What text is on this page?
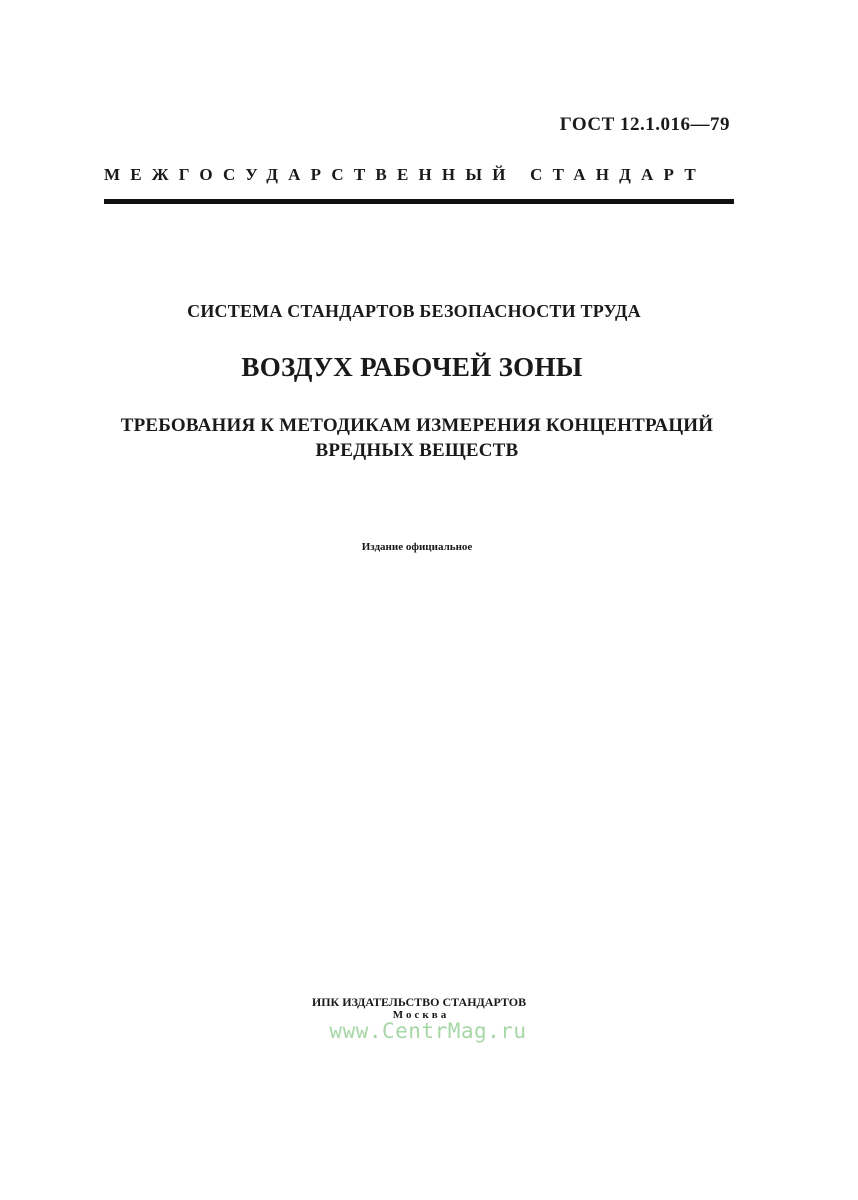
ГОСТ 12.1.016—79
МЕЖГОСУДАРСТВЕННЫЙ СТАНДАРТ
СИСТЕМА СТАНДАРТОВ БЕЗОПАСНОСТИ ТРУДА
ВОЗДУХ РАБОЧЕЙ ЗОНЫ
ТРЕБОВАНИЯ К МЕТОДИКАМ ИЗМЕРЕНИЯ КОНЦЕНТРАЦИЙ
ВРЕДНЫХ ВЕЩЕСТВ
Издание официальное
ИПК ИЗДАТЕЛЬСТВО СТАНДАРТОВ
Москва
www.CentrMag.ru
